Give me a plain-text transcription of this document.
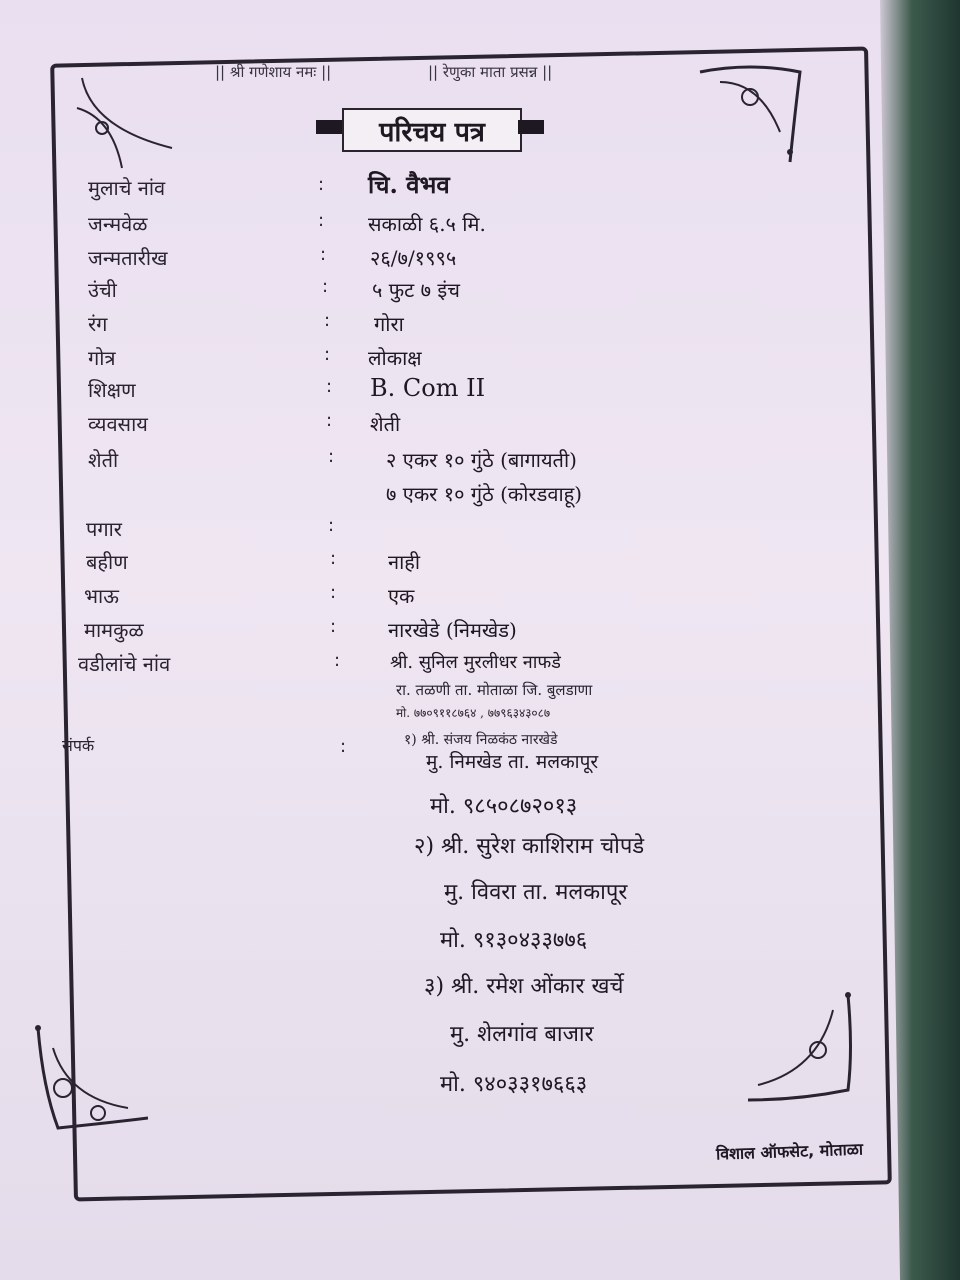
|| श्री गणेशाय नमः ||	|| रेणुका माता प्रसन्न ||
परिचय पत्र
मुलाचे नांव	: चि. वैभव
जन्मवेळ	: सकाळी ६.५ मि.
जन्मतारीख	: २६/७/१९९५
उंची	: ५ फुट ७ इंच
रंग	: गोरा
गोत्र	: लोकाक्ष
शिक्षण	: B. Com II
व्यवसाय	: शेती
शेती	:	२ एकर १० गुंठे (बागायती)
७ एकर १० गुंठे (कोरडवाहू)
पगार	:
बहीण	:	नाही
भाऊ	:	एक
मामकुळ	:	नारखेडे (निमखेड)
वडीलांचे नांव	:	श्री. सुनिल मुरलीधर नाफडे
रा. तळणी ता. मोताळा जि. बुलडाणा
मो. ७७०९११८७६४ , ७७९६३४३०८७
संपर्क	:	१) श्री. संजय निळकंठ नारखेडे
मु. निमखेड ता. मलकापूर
मो. ९८५०८७२०१३
२) श्री. सुरेश काशिराम चोपडे
मु. विवरा ता. मलकापूर
मो. ९१३०४३३७७६
३) श्री. रमेश ओंकार खर्चे
मु. शेलगांव बाजार
मो. ९४०३३१७६६३
विशाल ऑफसेट, मोताळा
